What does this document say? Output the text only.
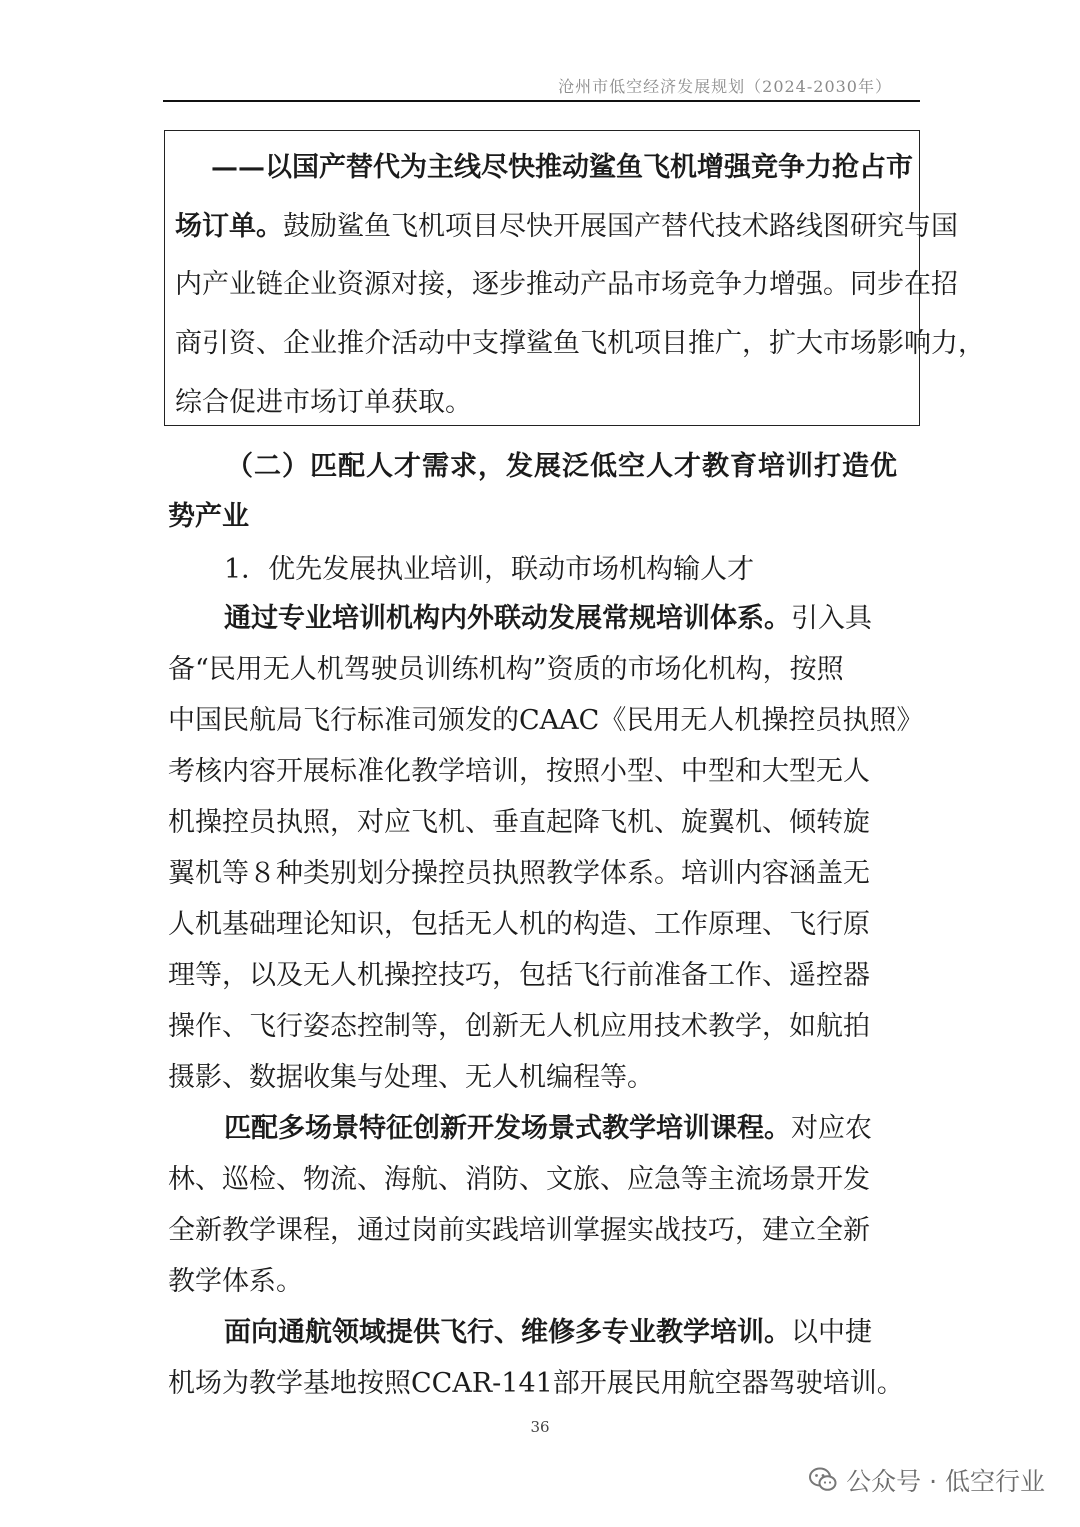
沧州市低空经济发展规划（2024-2030年）
——以国产替代为主线尽快推动鲨鱼飞机增强竞争力抢占市
场订单。鼓励鲨鱼飞机项目尽快开展国产替代技术路线图研究与国
内产业链企业资源对接，逐步推动产品市场竞争力增强。同步在招
商引资、企业推介活动中支撑鲨鱼飞机项目推广，扩大市场影响力，
综合促进市场订单获取。
（二）匹配人才需求，发展泛低空人才教育培训打造优
势产业
1．优先发展执业培训，联动市场机构输人才
通过专业培训机构内外联动发展常规培训体系。引入具
备“民用无人机驾驶员训练机构”资质的市场化机构，按照
中国民航局飞行标准司颁发的CAAC《民用无人机操控员执照》
考核内容开展标准化教学培训，按照小型、中型和大型无人
机操控员执照，对应飞机、垂直起降飞机、旋翼机、倾转旋
翼机等８种类别划分操控员执照教学体系。培训内容涵盖无
人机基础理论知识，包括无人机的构造、工作原理、飞行原
理等，以及无人机操控技巧，包括飞行前准备工作、遥控器
操作、飞行姿态控制等，创新无人机应用技术教学，如航拍
摄影、数据收集与处理、无人机编程等。
匹配多场景特征创新开发场景式教学培训课程。对应农
林、巡检、物流、海航、消防、文旅、应急等主流场景开发
全新教学课程，通过岗前实践培训掌握实战技巧，建立全新
教学体系。
面向通航领域提供飞行、维修多专业教学培训。以中捷
机场为教学基地按照CCAR-141部开展民用航空器驾驶培训。
36
公众号 · 低空行业
